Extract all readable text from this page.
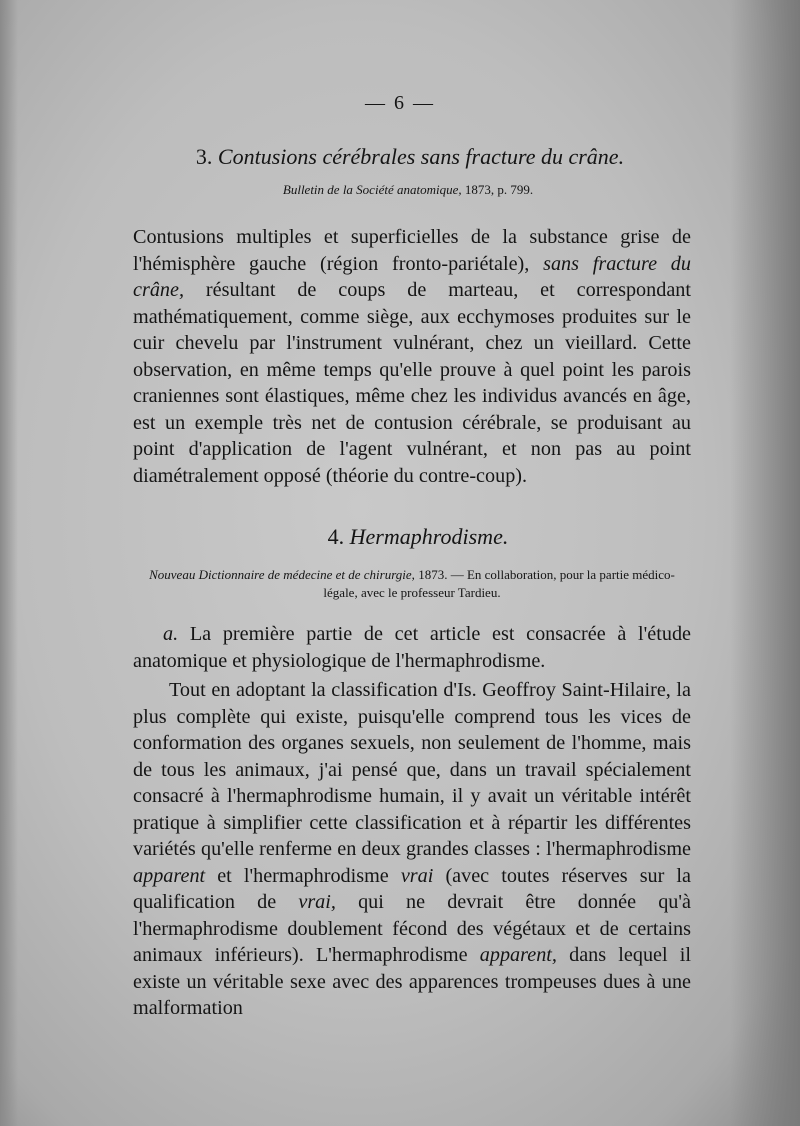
— 6 —
3. Contusions cérébrales sans fracture du crâne.
Bulletin de la Société anatomique, 1873, p. 799.

Contusions multiples et superficielles de la substance grise de l'hémisphère gauche (région fronto-pariétale), sans fracture du crâne, résultant de coups de marteau, et correspondant mathématiquement, comme siège, aux ecchymoses produites sur le cuir chevelu par l'instrument vulnérant, chez un vieillard. Cette observation, en même temps qu'elle prouve à quel point les parois craniennes sont élastiques, même chez les individus avancés en âge, est un exemple très net de contusion cérébrale, se produisant au point d'application de l'agent vulnérant, et non pas au point diamétralement opposé (théorie du contre-coup).

4. Hermaphrodisme.
Nouveau Dictionnaire de médecine et de chirurgie, 1873. — En collaboration, pour la partie médico-légale, avec le professeur Tardieu.

a. La première partie de cet article est consacrée à l'étude anatomique et physiologique de l'hermaphrodisme.

Tout en adoptant la classification d'Is. Geoffroy Saint-Hilaire, la plus complète qui existe, puisqu'elle comprend tous les vices de conformation des organes sexuels, non seulement de l'homme, mais de tous les animaux, j'ai pensé que, dans un travail spécialement consacré à l'hermaphrodisme humain, il y avait un véritable intérêt pratique à simplifier cette classification et à répartir les différentes variétés qu'elle renferme en deux grandes classes : l'hermaphrodisme apparent et l'hermaphrodisme vrai (avec toutes réserves sur la qualification de vrai, qui ne devrait être donnée qu'à l'hermaphrodisme doublement fécond des végétaux et de certains animaux inférieurs). L'hermaphrodisme apparent, dans lequel il existe un véritable sexe avec des apparences trompeuses dues à une malformation
